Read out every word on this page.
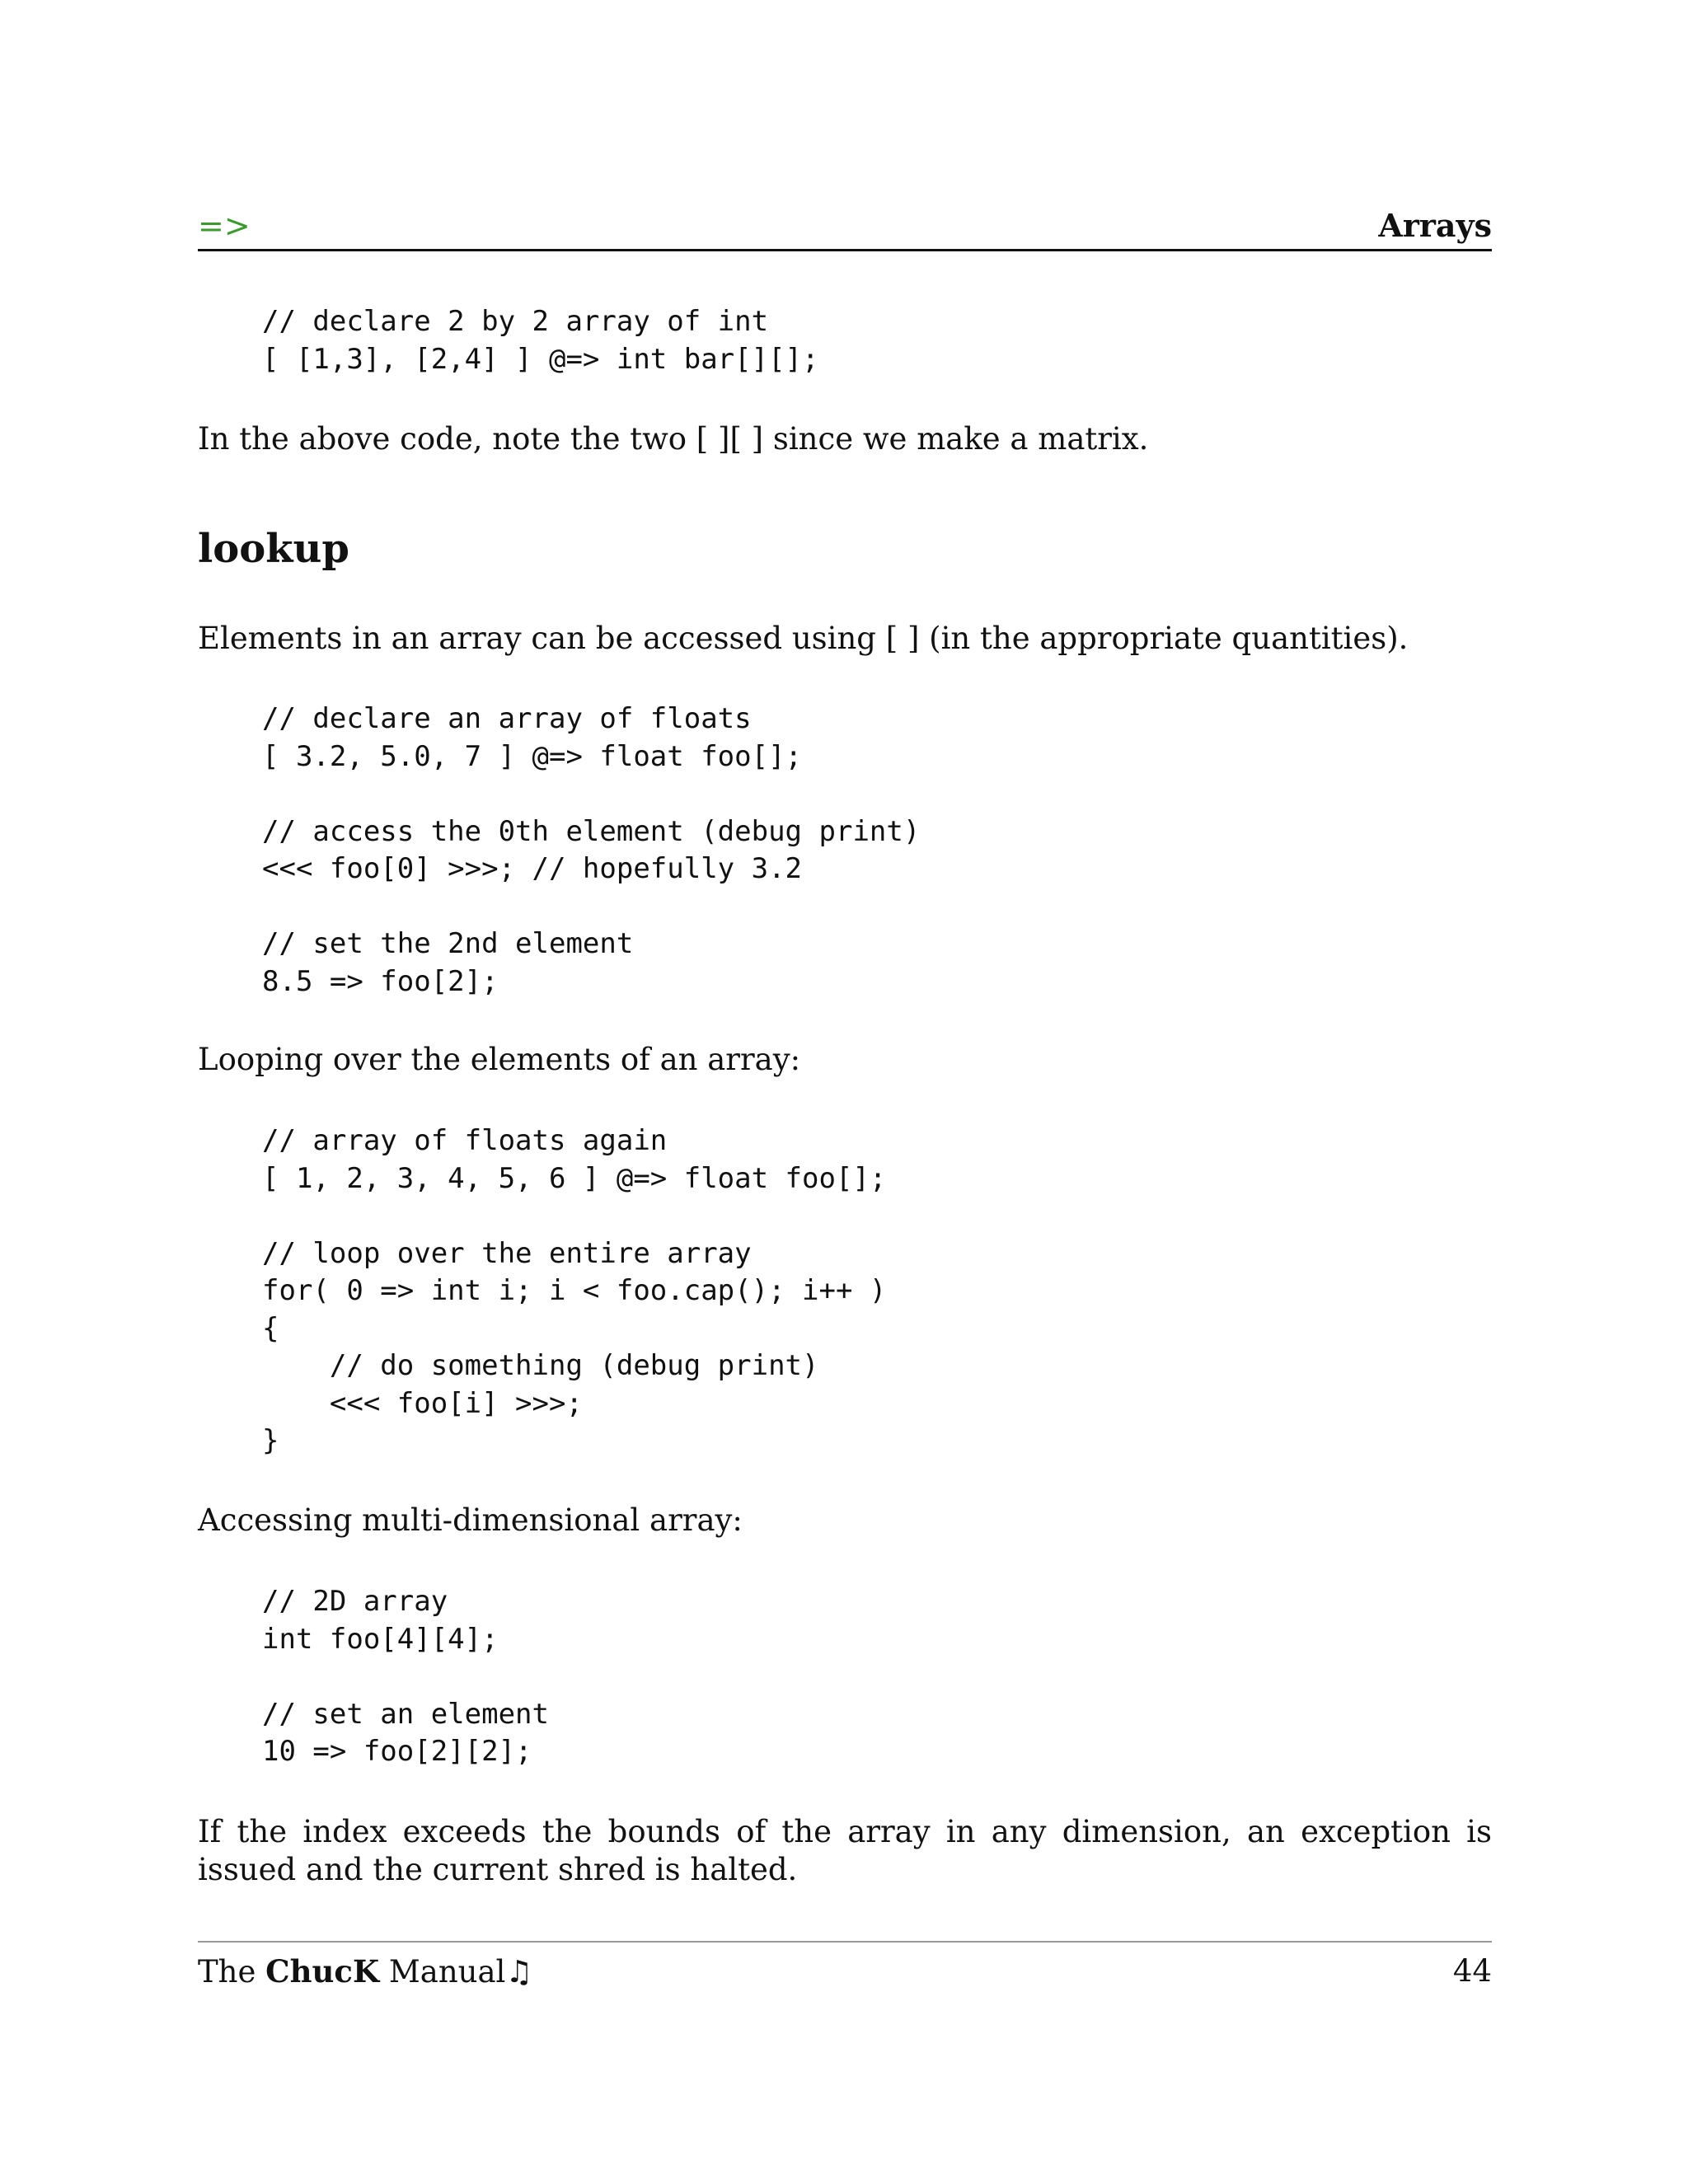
=>	Arrays
// declare 2 by 2 array of int
[ [1,3], [2,4] ] @=> int bar[][];

In the above code, note the two [ ][ ] since we make a matrix.

lookup

Elements in an array can be accessed using [ ] (in the appropriate quantities).

// declare an array of floats
[ 3.2, 5.0, 7 ] @=> float foo[];

// access the 0th element (debug print)
<<< foo[0] >>>; // hopefully 3.2

// set the 2nd element
8.5 => foo[2];

Looping over the elements of an array:

// array of floats again
[ 1, 2, 3, 4, 5, 6 ] @=> float foo[];

// loop over the entire array
for( 0 => int i; i < foo.cap(); i++ )
{
// do something (debug print)
<<< foo[i] >>>;
}

Accessing multi-dimensional array:

// 2D array
int foo[4][4];

// set an element
10 => foo[2][2];

If the index exceeds the bounds of the array in any dimension, an exception is issued and the current shred is halted.

The ChucK Manual♫	44
